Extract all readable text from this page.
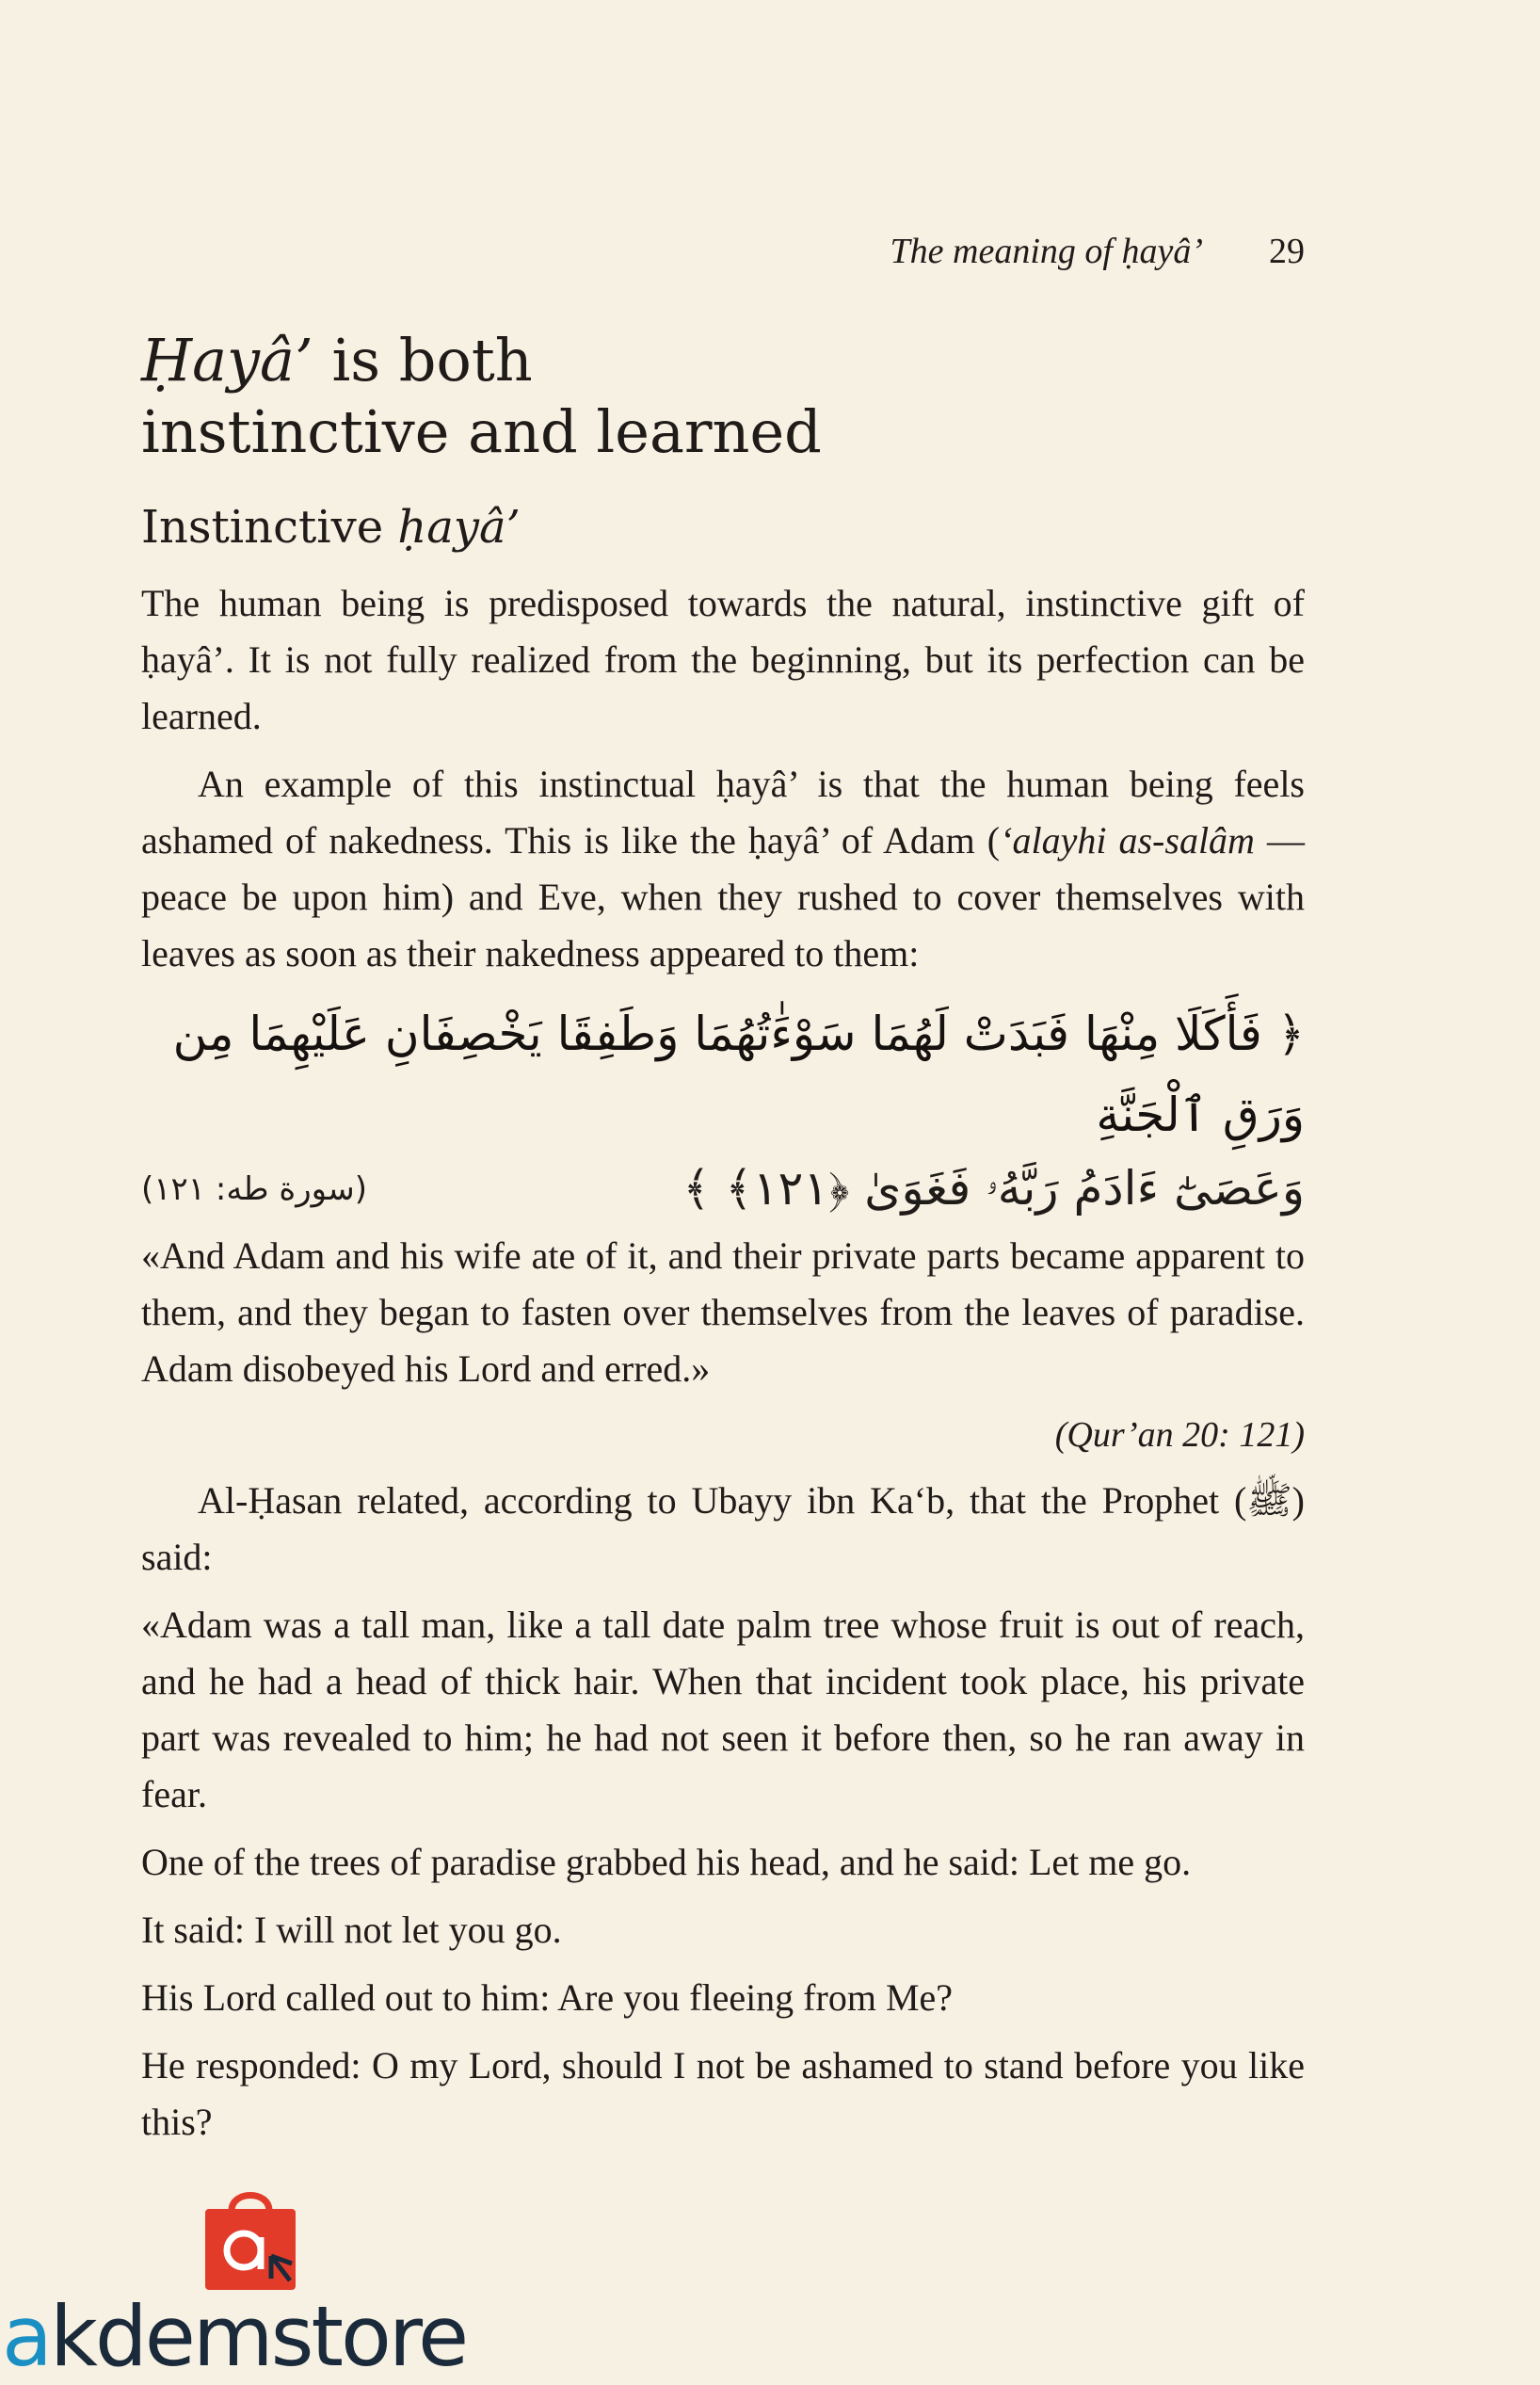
The meaning of ḥayâ’ 29
Ḥayâ’ is both
instinctive and learned
Instinctive ḥayâ’

The human being is predisposed towards the natural, instinctive gift of ḥayâ’. It is not fully realized from the beginning, but its perfection can be learned.

An example of this instinctual ḥayâ’ is that the human being feels ashamed of nakedness. This is like the ḥayâ’ of Adam (‘alayhi as-salâm — peace be upon him) and Eve, when they rushed to cover themselves with leaves as soon as their nakedness appeared to them:

﴿ فَأَكَلَا مِنْهَا فَبَدَتْ لَهُمَا سَوْءَٰتُهُمَا وَطَفِقَا يَخْصِفَانِ عَلَيْهِمَا مِن وَرَقِ ٱلْجَنَّةِ
وَعَصَىٰٓ ءَادَمُ رَبَّهُۥ فَغَوَىٰ ﴿١٢١﴾ ﴾
(سورة طه: ١٢١)

«And Adam and his wife ate of it, and their private parts became apparent to them, and they began to fasten over themselves from the leaves of paradise. Adam disobeyed his Lord and erred.»

(Qur’an 20: 121)

Al-Ḥasan related, according to Ubayy ibn Ka‘b, that the Prophet (ﷺ) said:

«Adam was a tall man, like a tall date palm tree whose fruit is out of reach, and he had a head of thick hair. When that incident took place, his private part was revealed to him; he had not seen it before then, so he ran away in fear.

One of the trees of paradise grabbed his head, and he said: Let me go.

It said: I will not let you go.

His Lord called out to him: Are you fleeing from Me?

He responded: O my Lord, should I not be ashamed to stand before you like this?

akdemstore
